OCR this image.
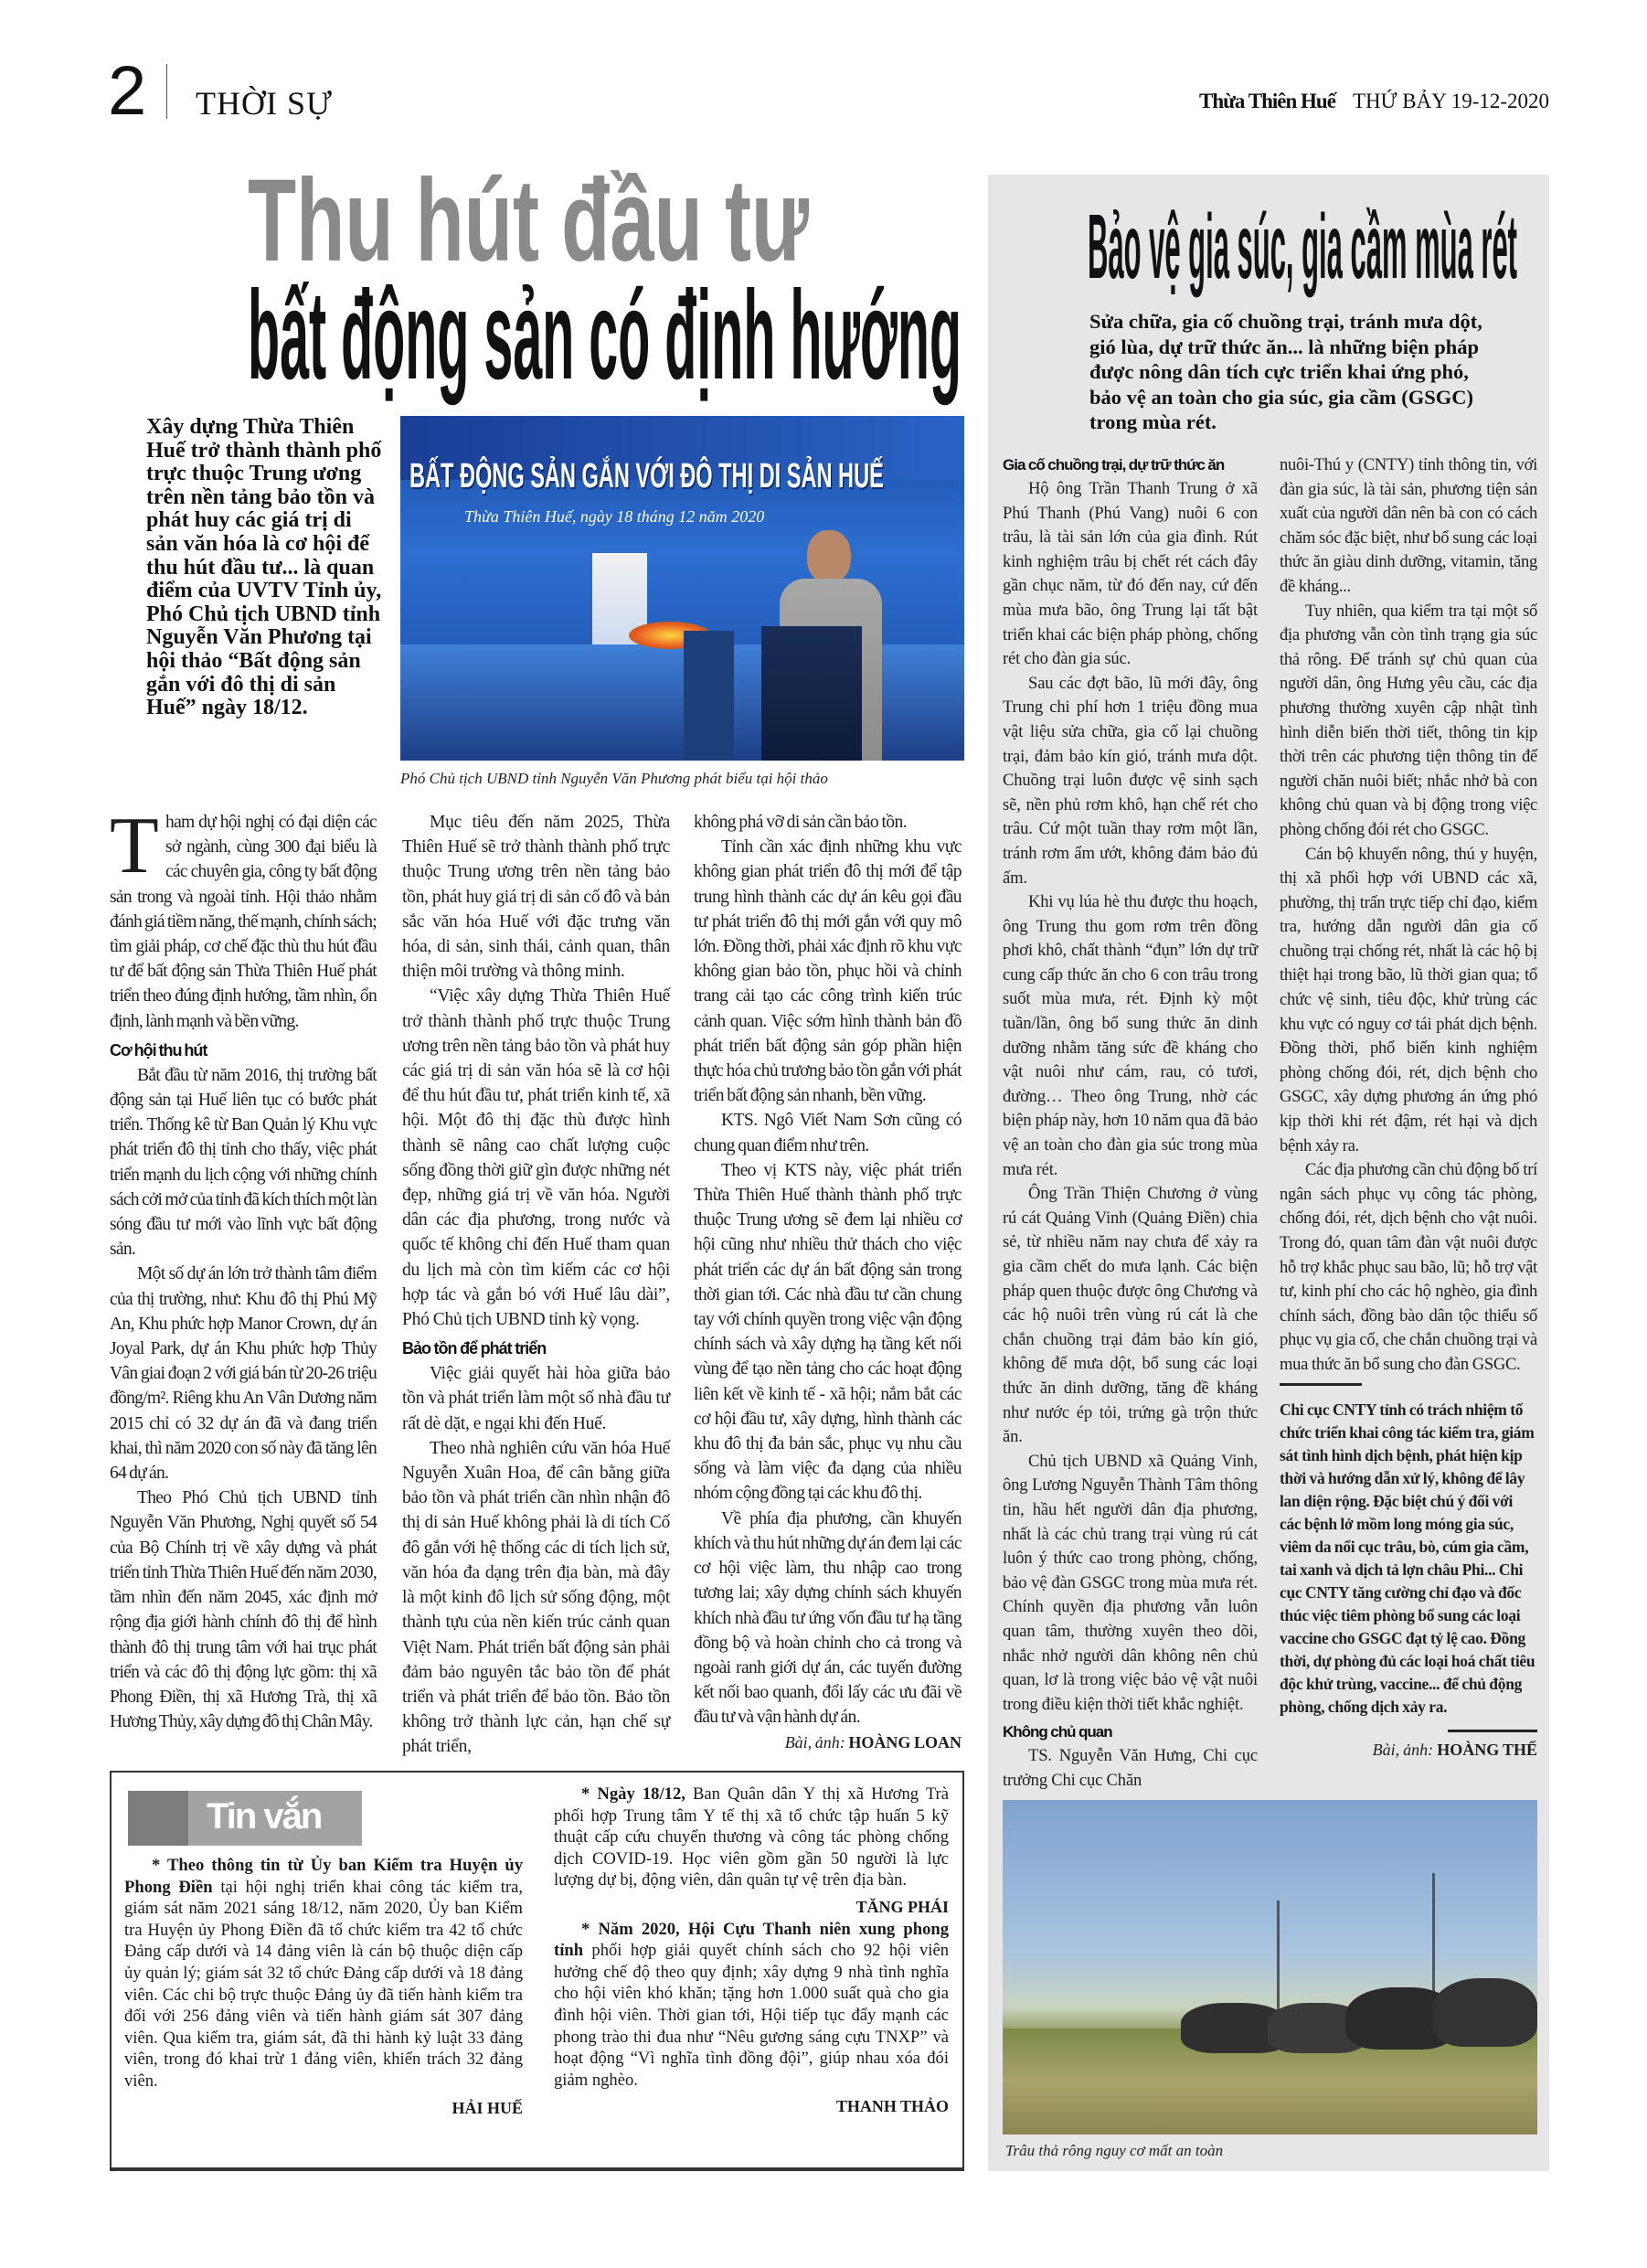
2 THỜI SỰ	Thừa Thiên Huế THỨ BẢY 19-12-2020
Thu hút đầu tư
bất động sản có định hướng
Xây dựng Thừa Thiên Huế trở thành thành phố trực thuộc Trung ương trên nền tảng bảo tồn và phát huy các giá trị di sản văn hóa là cơ hội để thu hút đầu tư... là quan điểm của UVTV Tỉnh ủy, Phó Chủ tịch UBND tỉnh Nguyễn Văn Phương tại hội thảo “Bất động sản gắn với đô thị di sản Huế” ngày 18/12.
BẤT ĐỘNG SẢN GẮN VỚI ĐÔ THỊ DI SẢN HUẾ
Thừa Thiên Huế, ngày 18 tháng 12 năm 2020
Phó Chủ tịch UBND tỉnh Nguyễn Văn Phương phát biểu tại hội thảo

Tham dự hội nghị có đại diện các sở ngành, cùng 300 đại biểu là các chuyên gia, công ty bất động sản trong và ngoài tỉnh. Hội thảo nhằm đánh giá tiềm năng, thế mạnh, chính sách; tìm giải pháp, cơ chế đặc thù thu hút đầu tư để bất động sản Thừa Thiên Huế phát triển theo đúng định hướng, tầm nhìn, ổn định, lành mạnh và bền vững.

Cơ hội thu hút

Bắt đầu từ năm 2016, thị trường bất động sản tại Huế liên tục có bước phát triển. Thống kê từ Ban Quản lý Khu vực phát triển đô thị tỉnh cho thấy, việc phát triển mạnh du lịch cộng với những chính sách cởi mở của tỉnh đã kích thích một làn sóng đầu tư mới vào lĩnh vực bất động sản.

Một số dự án lớn trở thành tâm điểm của thị trường, như: Khu đô thị Phú Mỹ An, Khu phức hợp Manor Crown, dự án Joyal Park, dự án Khu phức hợp Thủy Vân giai đoạn 2 với giá bán từ 20-26 triệu đồng/m². Riêng khu An Vân Dương năm 2015 chỉ có 32 dự án đã và đang triển khai, thì năm 2020 con số này đã tăng lên 64 dự án.

Theo Phó Chủ tịch UBND tỉnh Nguyễn Văn Phương, Nghị quyết số 54 của Bộ Chính trị về xây dựng và phát triển tỉnh Thừa Thiên Huế đến năm 2030, tầm nhìn đến năm 2045, xác định mở rộng địa giới hành chính đô thị để hình thành đô thị trung tâm với hai trục phát triển và các đô thị động lực gồm: thị xã Phong Điền, thị xã Hương Trà, thị xã Hương Thủy, xây dựng đô thị Chân Mây.

Mục tiêu đến năm 2025, Thừa Thiên Huế sẽ trở thành thành phố trực thuộc Trung ương trên nền tảng bảo tồn, phát huy giá trị di sản cố đô và bản sắc văn hóa Huế với đặc trưng văn hóa, di sản, sinh thái, cảnh quan, thân thiện môi trường và thông minh.

“Việc xây dựng Thừa Thiên Huế trở thành thành phố trực thuộc Trung ương trên nền tảng bảo tồn và phát huy các giá trị di sản văn hóa sẽ là cơ hội để thu hút đầu tư, phát triển kinh tế, xã hội. Một đô thị đặc thù được hình thành sẽ nâng cao chất lượng cuộc sống đồng thời giữ gìn được những nét đẹp, những giá trị về văn hóa. Người dân các địa phương, trong nước và quốc tế không chỉ đến Huế tham quan du lịch mà còn tìm kiếm các cơ hội hợp tác và gắn bó với Huế lâu dài”, Phó Chủ tịch UBND tỉnh kỳ vọng.

Bảo tồn để phát triển

Việc giải quyết hài hòa giữa bảo tồn và phát triển làm một số nhà đầu tư rất dè dặt, e ngại khi đến Huế.

Theo nhà nghiên cứu văn hóa Huế Nguyễn Xuân Hoa, để cân bằng giữa bảo tồn và phát triển cần nhìn nhận đô thị di sản Huế không phải là di tích Cố đô gắn với hệ thống các di tích lịch sử, văn hóa đa dạng trên địa bàn, mà đây là một kinh đô lịch sử sống động, một thành tựu của nền kiến trúc cảnh quan Việt Nam. Phát triển bất động sản phải đảm bảo nguyên tắc bảo tồn để phát triển và phát triển để bảo tồn. Bảo tồn không trở thành lực cản, hạn chế sự phát triển,

không phá vỡ di sản cần bảo tồn.

Tỉnh cần xác định những khu vực không gian phát triển đô thị mới để tập trung hình thành các dự án kêu gọi đầu tư phát triển đô thị mới gắn với quy mô lớn. Đồng thời, phải xác định rõ khu vực không gian bảo tồn, phục hồi và chỉnh trang cải tạo các công trình kiến trúc cảnh quan. Việc sớm hình thành bản đồ phát triển bất động sản góp phần hiện thực hóa chủ trương bảo tồn gắn với phát triển bất động sản nhanh, bền vững.

KTS. Ngô Viết Nam Sơn cũng có chung quan điểm như trên.

Theo vị KTS này, việc phát triển Thừa Thiên Huế thành thành phố trực thuộc Trung ương sẽ đem lại nhiều cơ hội cũng như nhiều thử thách cho việc phát triển các dự án bất động sản trong thời gian tới. Các nhà đầu tư cần chung tay với chính quyền trong việc vận động chính sách và xây dựng hạ tầng kết nối vùng để tạo nền tảng cho các hoạt động liên kết về kinh tế - xã hội; nắm bắt các cơ hội đầu tư, xây dựng, hình thành các khu đô thị đa bản sắc, phục vụ nhu cầu sống và làm việc đa dạng của nhiều nhóm cộng đồng tại các khu đô thị.

Về phía địa phương, cần khuyến khích và thu hút những dự án đem lại các cơ hội việc làm, thu nhập cao trong tương lai; xây dựng chính sách khuyến khích nhà đầu tư ứng vốn đầu tư hạ tầng đồng bộ và hoàn chỉnh cho cả trong và ngoài ranh giới dự án, các tuyến đường kết nối bao quanh, đổi lấy các ưu đãi về đầu tư và vận hành dự án.

Bài, ảnh: HOÀNG LOAN
Bảo vệ gia súc, gia cầm mùa rét
Sửa chữa, gia cố chuồng trại, tránh mưa dột, gió lùa, dự trữ thức ăn... là những biện pháp được nông dân tích cực triển khai ứng phó, bảo vệ an toàn cho gia súc, gia cầm (GSGC) trong mùa rét.
Gia cố chuồng trại, dự trữ thức ăn

Hộ ông Trần Thanh Trung ở xã Phú Thanh (Phú Vang) nuôi 6 con trâu, là tài sản lớn của gia đình. Rút kinh nghiệm trâu bị chết rét cách đây gần chục năm, từ đó đến nay, cứ đến mùa mưa bão, ông Trung lại tất bật triển khai các biện pháp phòng, chống rét cho đàn gia súc.

Sau các đợt bão, lũ mới đây, ông Trung chi phí hơn 1 triệu đồng mua vật liệu sửa chữa, gia cố lại chuồng trại, đảm bảo kín gió, tránh mưa dột. Chuồng trại luôn được vệ sinh sạch sẽ, nền phủ rơm khô, hạn chế rét cho trâu. Cứ một tuần thay rơm một lần, tránh rơm ẩm ướt, không đảm bảo đủ ấm.

Khi vụ lúa hè thu được thu hoạch, ông Trung thu gom rơm trên đồng phơi khô, chất thành “đụn” lớn dự trữ cung cấp thức ăn cho 6 con trâu trong suốt mùa mưa, rét. Định kỳ một tuần/lần, ông bổ sung thức ăn dinh dưỡng nhằm tăng sức đề kháng cho vật nuôi như cám, rau, cỏ tươi, đường… Theo ông Trung, nhờ các biện pháp này, hơn 10 năm qua đã bảo vệ an toàn cho đàn gia súc trong mùa mưa rét.

Ông Trần Thiện Chương ở vùng rú cát Quảng Vinh (Quảng Điền) chia sẻ, từ nhiều năm nay chưa để xảy ra gia cầm chết do mưa lạnh. Các biện pháp quen thuộc được ông Chương và các hộ nuôi trên vùng rú cát là che chắn chuồng trại đảm bảo kín gió, không để mưa dột, bổ sung các loại thức ăn dinh dưỡng, tăng đề kháng như nước ép tỏi, trứng gà trộn thức ăn.

Chủ tịch UBND xã Quảng Vinh, ông Lương Nguyễn Thành Tâm thông tin, hầu hết người dân địa phương, nhất là các chủ trang trại vùng rú cát luôn ý thức cao trong phòng, chống, bảo vệ đàn GSGC trong mùa mưa rét. Chính quyền địa phương vẫn luôn quan tâm, thường xuyên theo dõi, nhắc nhở người dân không nên chủ quan, lơ là trong việc bảo vệ vật nuôi trong điều kiện thời tiết khắc nghiệt.

Không chủ quan

TS. Nguyễn Văn Hưng, Chi cục trưởng Chi cục Chăn

nuôi-Thú y (CNTY) tỉnh thông tin, với đàn gia súc, là tài sản, phương tiện sản xuất của người dân nên bà con có cách chăm sóc đặc biệt, như bổ sung các loại thức ăn giàu dinh dưỡng, vitamin, tăng đề kháng...

Tuy nhiên, qua kiểm tra tại một số địa phương vẫn còn tình trạng gia súc thả rông. Để tránh sự chủ quan của người dân, ông Hưng yêu cầu, các địa phương thường xuyên cập nhật tình hình diễn biến thời tiết, thông tin kịp thời trên các phương tiện thông tin để người chăn nuôi biết; nhắc nhở bà con không chủ quan và bị động trong việc phòng chống đói rét cho GSGC.

Cán bộ khuyến nông, thú y huyện, thị xã phối hợp với UBND các xã, phường, thị trấn trực tiếp chỉ đạo, kiểm tra, hướng dẫn người dân gia cố chuồng trại chống rét, nhất là các hộ bị thiệt hại trong bão, lũ thời gian qua; tổ chức vệ sinh, tiêu độc, khử trùng các khu vực có nguy cơ tái phát dịch bệnh. Đồng thời, phổ biến kinh nghiệm phòng chống đói, rét, dịch bệnh cho GSGC, xây dựng phương án ứng phó kịp thời khi rét đậm, rét hại và dịch bệnh xảy ra.

Các địa phương cần chủ động bố trí ngân sách phục vụ công tác phòng, chống đói, rét, dịch bệnh cho vật nuôi. Trong đó, quan tâm đàn vật nuôi được hỗ trợ khắc phục sau bão, lũ; hỗ trợ vật tư, kinh phí cho các hộ nghèo, gia đình chính sách, đồng bào dân tộc thiểu số phục vụ gia cố, che chắn chuồng trại và mua thức ăn bổ sung cho đàn GSGC.

Chi cục CNTY tỉnh có trách nhiệm tổ chức triển khai công tác kiểm tra, giám sát tình hình dịch bệnh, phát hiện kịp thời và hướng dẫn xử lý, không để lây lan diện rộng. Đặc biệt chú ý đối với các bệnh lở mồm long móng gia súc, viêm da nổi cục trâu, bò, cúm gia cầm, tai xanh và dịch tả lợn châu Phi... Chi cục CNTY tăng cường chỉ đạo và đốc thúc việc tiêm phòng bổ sung các loại vaccine cho GSGC đạt tỷ lệ cao. Đồng thời, dự phòng đủ các loại hoá chất tiêu độc khử trùng, vaccine... để chủ động phòng, chống dịch xảy ra.
Bài, ảnh: HOÀNG THẾ
Trâu thả rông nguy cơ mất an toàn
Tin vắn

* Theo thông tin từ Ủy ban Kiểm tra Huyện ủy Phong Điền tại hội nghị triển khai công tác kiểm tra, giám sát năm 2021 sáng 18/12, năm 2020, Ủy ban Kiểm tra Huyện ủy Phong Điền đã tổ chức kiểm tra 42 tổ chức Đảng cấp dưới và 14 đảng viên là cán bộ thuộc diện cấp ủy quản lý; giám sát 32 tổ chức Đảng cấp dưới và 18 đảng viên. Các chi bộ trực thuộc Đảng ủy đã tiến hành kiểm tra đối với 256 đảng viên và tiến hành giám sát 307 đảng viên. Qua kiểm tra, giám sát, đã thi hành kỷ luật 33 đảng viên, trong đó khai trừ 1 đảng viên, khiển trách 32 đảng viên.

HẢI HUẾ

* Ngày 18/12, Ban Quân dân Y thị xã Hương Trà phối hợp Trung tâm Y tế thị xã tổ chức tập huấn 5 kỹ thuật cấp cứu chuyển thương và công tác phòng chống dịch COVID-19. Học viên gồm gần 50 người là lực lượng dự bị, động viên, dân quân tự vệ trên địa bàn.

TĂNG PHÁI

* Năm 2020, Hội Cựu Thanh niên xung phong tỉnh phối hợp giải quyết chính sách cho 92 hội viên hưởng chế độ theo quy định; xây dựng 9 nhà tình nghĩa cho hội viên khó khăn; tặng hơn 1.000 suất quà cho gia đình hội viên. Thời gian tới, Hội tiếp tục đẩy mạnh các phong trào thi đua như “Nêu gương sáng cựu TNXP” và hoạt động “Vì nghĩa tình đồng đội”, giúp nhau xóa đói giảm nghèo.

THANH THẢO
